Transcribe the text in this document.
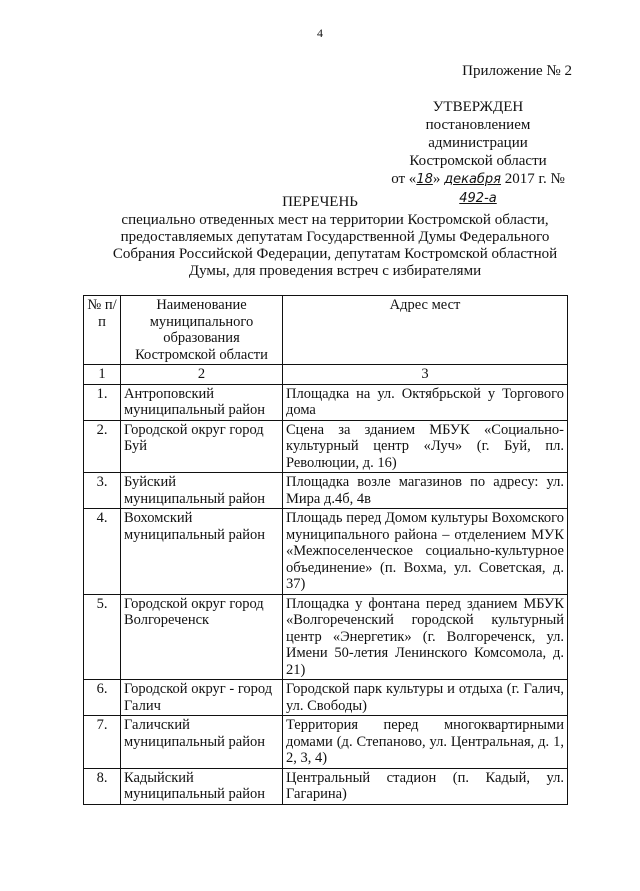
4
Приложение № 2
УТВЕРЖДЕН
постановлением администрации
Костромской области
от «18» декабря 2017 г. № 492-а
ПЕРЕЧЕНЬ
специально отведенных мест на территории Костромской области, предоставляемых депутатам Государственной Думы Федерального Собрания Российской Федерации, депутатам Костромской областной Думы, для проведения встреч с избирателями
№ п/п	Наименование муниципального образования Костромской области	Адрес мест
1	2	3
1.	Антроповский муниципальный район	Площадка на ул. Октябрьской у Торгового дома
2.	Городской округ город Буй	Сцена за зданием МБУК «Социально-культурный центр «Луч» (г. Буй, пл. Революции, д. 16)
3.	Буйский муниципальный район	Площадка возле магазинов по адресу: ул. Мира д.4б, 4в
4.	Вохомский муниципальный район	Площадь перед Домом культуры Вохомского муниципального района – отделением МУК «Межпоселенческое социально-культурное объединение» (п. Вохма, ул. Советская, д. 37)
5.	Городской округ город Волгореченск	Площадка у фонтана перед зданием МБУК «Волгореченский городской культурный центр «Энергетик» (г. Волгореченск, ул. Имени 50-летия Ленинского Комсомола, д. 21)
6.	Городской округ - город Галич	Городской парк культуры и отдыха (г. Галич, ул. Свободы)
7.	Галичский муниципальный район	Территория перед многоквартирными домами (д. Степаново, ул. Центральная, д. 1, 2, 3, 4)
8.	Кадыйский муниципальный район	Центральный стадион (п. Кадый, ул. Гагарина)
